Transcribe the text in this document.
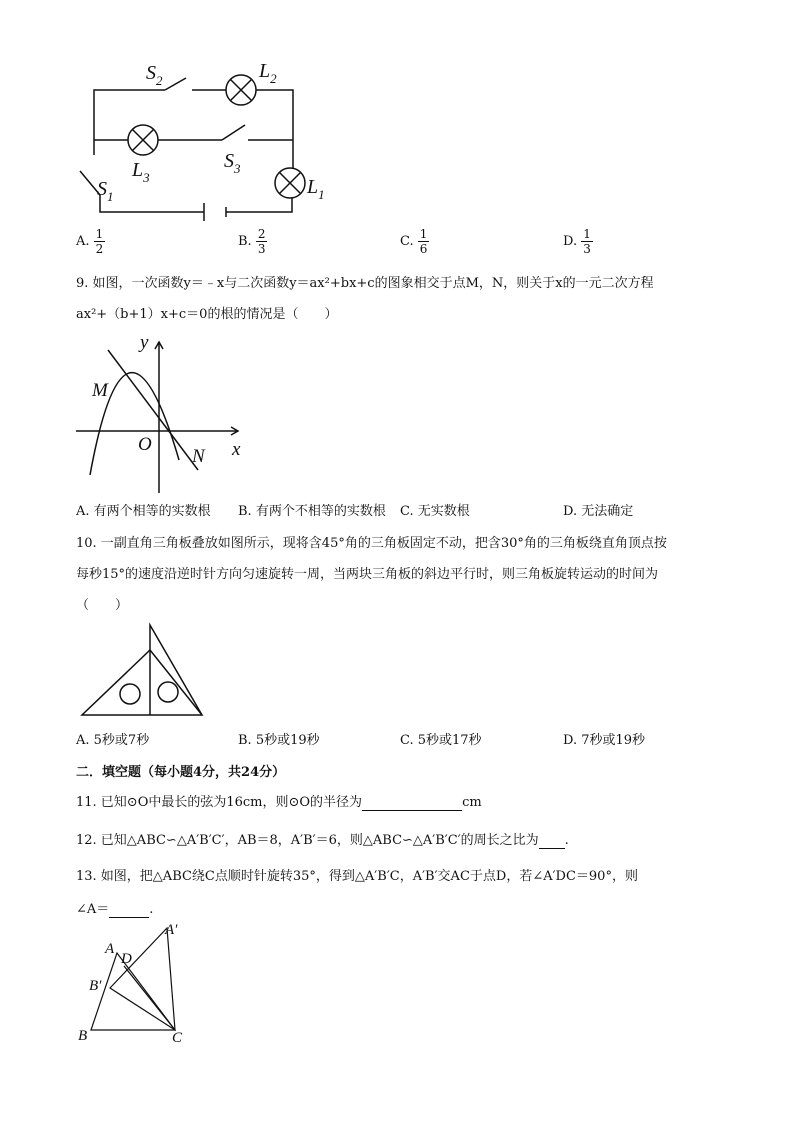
$S_2$	$L_2$
$L_3$
$S_3$
$L_1$
$S_1$
A. $\frac{1}{2}$	B. $\frac{2}{3}$	C. $\frac{1}{6}$	D. $\frac{1}{3}$
9. 如图，一次函数y＝﹣x与二次函数y＝ax²+bx+c的图象相交于点M，N，则关于x的一元二次方程
ax²+（b+1）x+c＝0的根的情况是（　　）
y
x
M
O
N
A. 有两个相等的实数根 B. 有两个不相等的实数根 C. 无实数根	D. 无法确定
10. 一副直角三角板叠放如图所示，现将含45°角的三角板固定不动，把含30°角的三角板绕直角顶点按
每秒15°的速度沿逆时针方向匀速旋转一周，当两块三角板的斜边平行时，则三角板旋转运动的时间为
（　　）
A. 5秒或7秒	B. 5秒或19秒	C. 5秒或17秒	D. 7秒或19秒
二．填空题（每小题4分，共24分）
11. 已知⊙O中最长的弦为16cm，则⊙O的半径为	cm
12. 已知△ABC∽△A′B′C′，AB＝8，A′B′＝6，则△ABC∽△A′B′C′的周长之比为 .
13. 如图，把△ABC绕C点顺时针旋转35°，得到△A′B′C，A′B′交AC于点D，若∠A′DC＝90°，则
∠A＝	.
A
A′
D
B′
B	C
